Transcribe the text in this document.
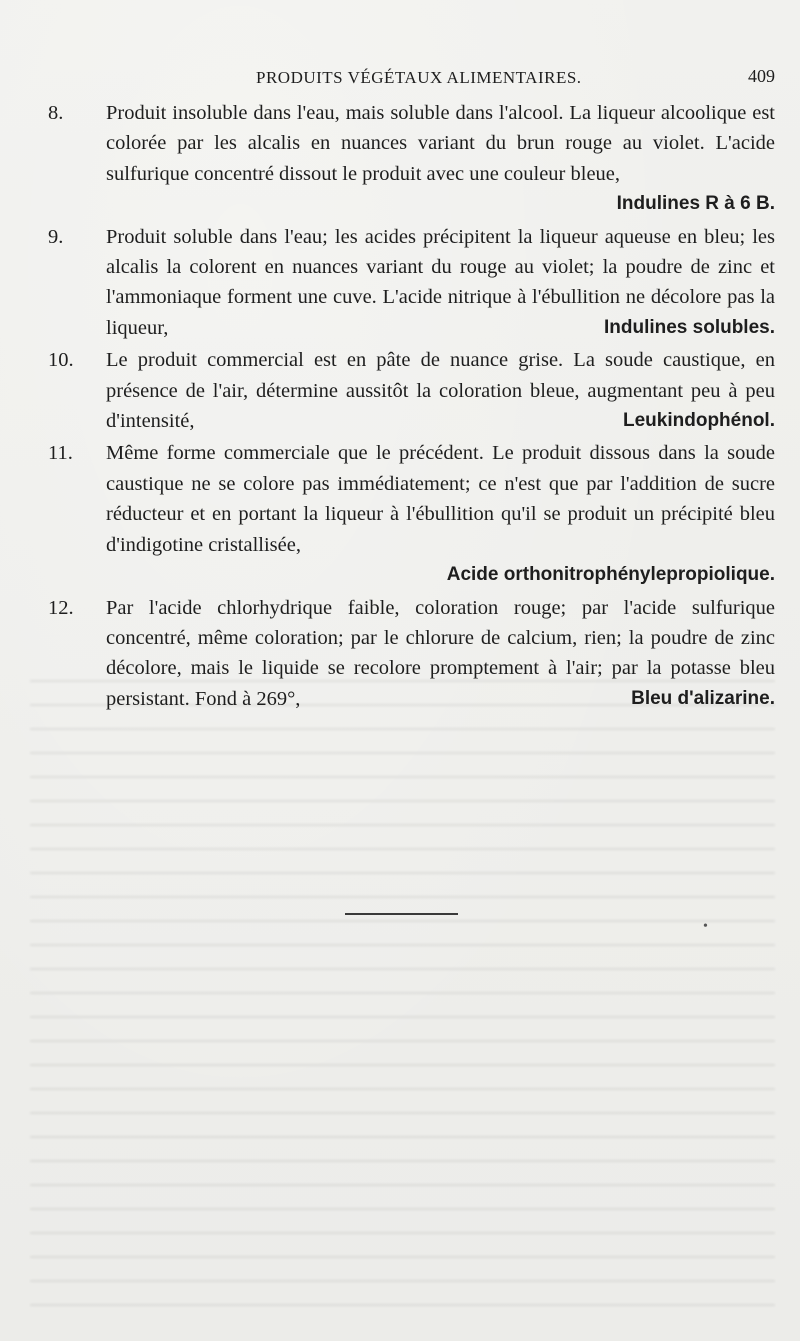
PRODUITS VÉGÉTAUX ALIMENTAIRES.	409
8. Produit insoluble dans l'eau, mais soluble dans l'alcool. La liqueur alcoolique est colorée par les alcalis en nuances variant du brun rouge au violet. L'acide sulfurique concentré dissout le produit avec une couleur bleue,
Indulines R à 6 B.
9. Produit soluble dans l'eau; les acides précipitent la liqueur aqueuse en bleu; les alcalis la colorent en nuances variant du rouge au violet; la poudre de zinc et l'ammoniaque forment une cuve. L'acide nitrique à l'ébullition ne décolore pas la liqueur,	Indulines solubles.
10. Le produit commercial est en pâte de nuance grise. La soude caustique, en présence de l'air, détermine aussitôt la coloration bleue, augmentant peu à peu d'intensité,	Leukindophénol.
11. Même forme commerciale que le précédent. Le produit dissous dans la soude caustique ne se colore pas immédiatement; ce n'est que par l'addition de sucre réducteur et en portant la liqueur à l'ébullition qu'il se produit un précipité bleu d'indigotine cristallisée,
Acide orthonitrophénylepropiolique.
12. Par l'acide chlorhydrique faible, coloration rouge; par l'acide sulfurique concentré, même coloration; par le chlorure de calcium, rien; la poudre de zinc décolore, mais le liquide se recolore promptement à l'air; par la potasse bleu persistant. Fond à 269°,	Bleu d'alizarine.
•
